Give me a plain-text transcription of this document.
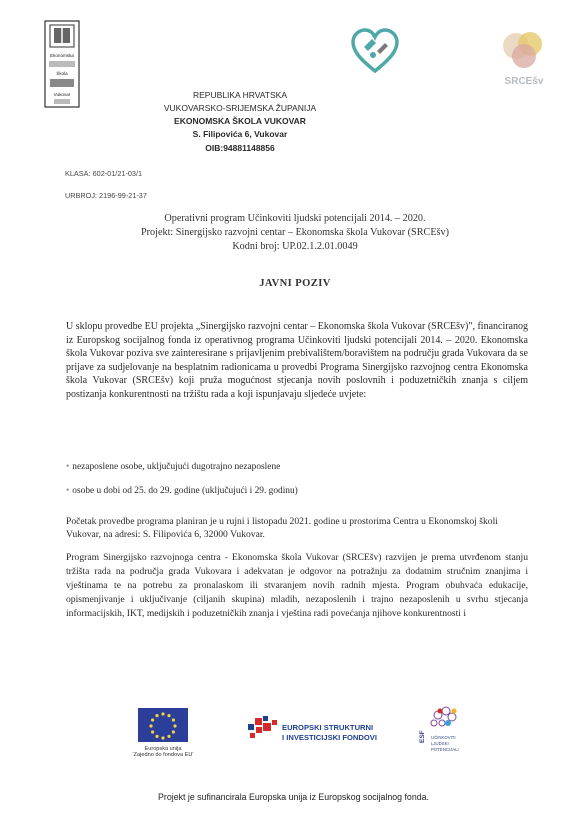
Ekonomska
Škola
Vukovar
SRCEšv
REPUBLIKA HRVATSKA
VUKOVARSKO-SRIJEMSKA ŽUPANIJA
EKONOMSKA ŠKOLA VUKOVAR
S. Filipovića 6, Vukovar
OIB:94881148856
KLASA: 602-01/21-03/1
URBROJ: 2196-99-21-37
Operativni program Učinkoviti ljudski potencijali 2014. – 2020.
Projekt: Sinergijsko razvojni centar – Ekonomska škola Vukovar (SRCEšv)
Kodni broj: UP.02.1.2.01.0049
JAVNI POZIV

U sklopu provedbe EU projekta „Sinergijsko razvojni centar – Ekonomska škola Vukovar (SRCEšv)", financiranog iz Europskog socijalnog fonda iz operativnog programa Učinkoviti ljudski potencijali 2014. – 2020. Ekonomska škola Vukovar poziva sve zainteresirane s prijavljenim prebivalištem/boravištem na području grada Vukovara da se prijave za sudjelovanje na besplatnim radionicama u provedbi Programa Sinergijsko razvojnog centra Ekonomska škola Vukovar (SRCEšv) koji pruža mogućnost stjecanja novih poslovnih i poduzetničkih znanja s ciljem postizanja konkurentnosti na tržištu rada a koji ispunjavaju sljedeće uvjete:

• nezaposlene osobe, uključujući dugotrajno nezaposlene
• osobe u dobi od 25. do 29. godine (uključujući i 29. godinu)

Početak provedbe programa planiran je u rujni i listopadu 2021. godine u prostorima Centra u Ekonomskoj školi Vukovar, na adresi: S. Filipovića 6, 32000 Vukovar.

Program Sinergijsko razvojnoga centra - Ekonomska škola Vukovar (SRCEšv) razvijen je prema utvrđenom stanju tržišta rada na područja grada Vukovara i adekvatan je odgovor na potražnju za dodatnim stručnim znanjima i vještinama te na potrebu za pronalaskom ili stvaranjem novih radnih mjesta. Program obuhvaća edukacije, opismenjivanje i uključivanje (ciljanih skupina) mladih, nezaposlenih i trajno nezaposlenih u svrhu stjecanja informacijskih, IKT, medijskih i poduzetničkih znanja i vještina radi povećanja njihove konkurentnosti i

Europska unija
'Zajedno do fondova EU'
EUROPSKI STRUKTURNI
I INVESTICIJSKI FONDOVI	ESF UČINKOVITI
LJUDSKI
POTENCIJALI
Projekt je sufinancirala Europska unija iz Europskog socijalnog fonda.
